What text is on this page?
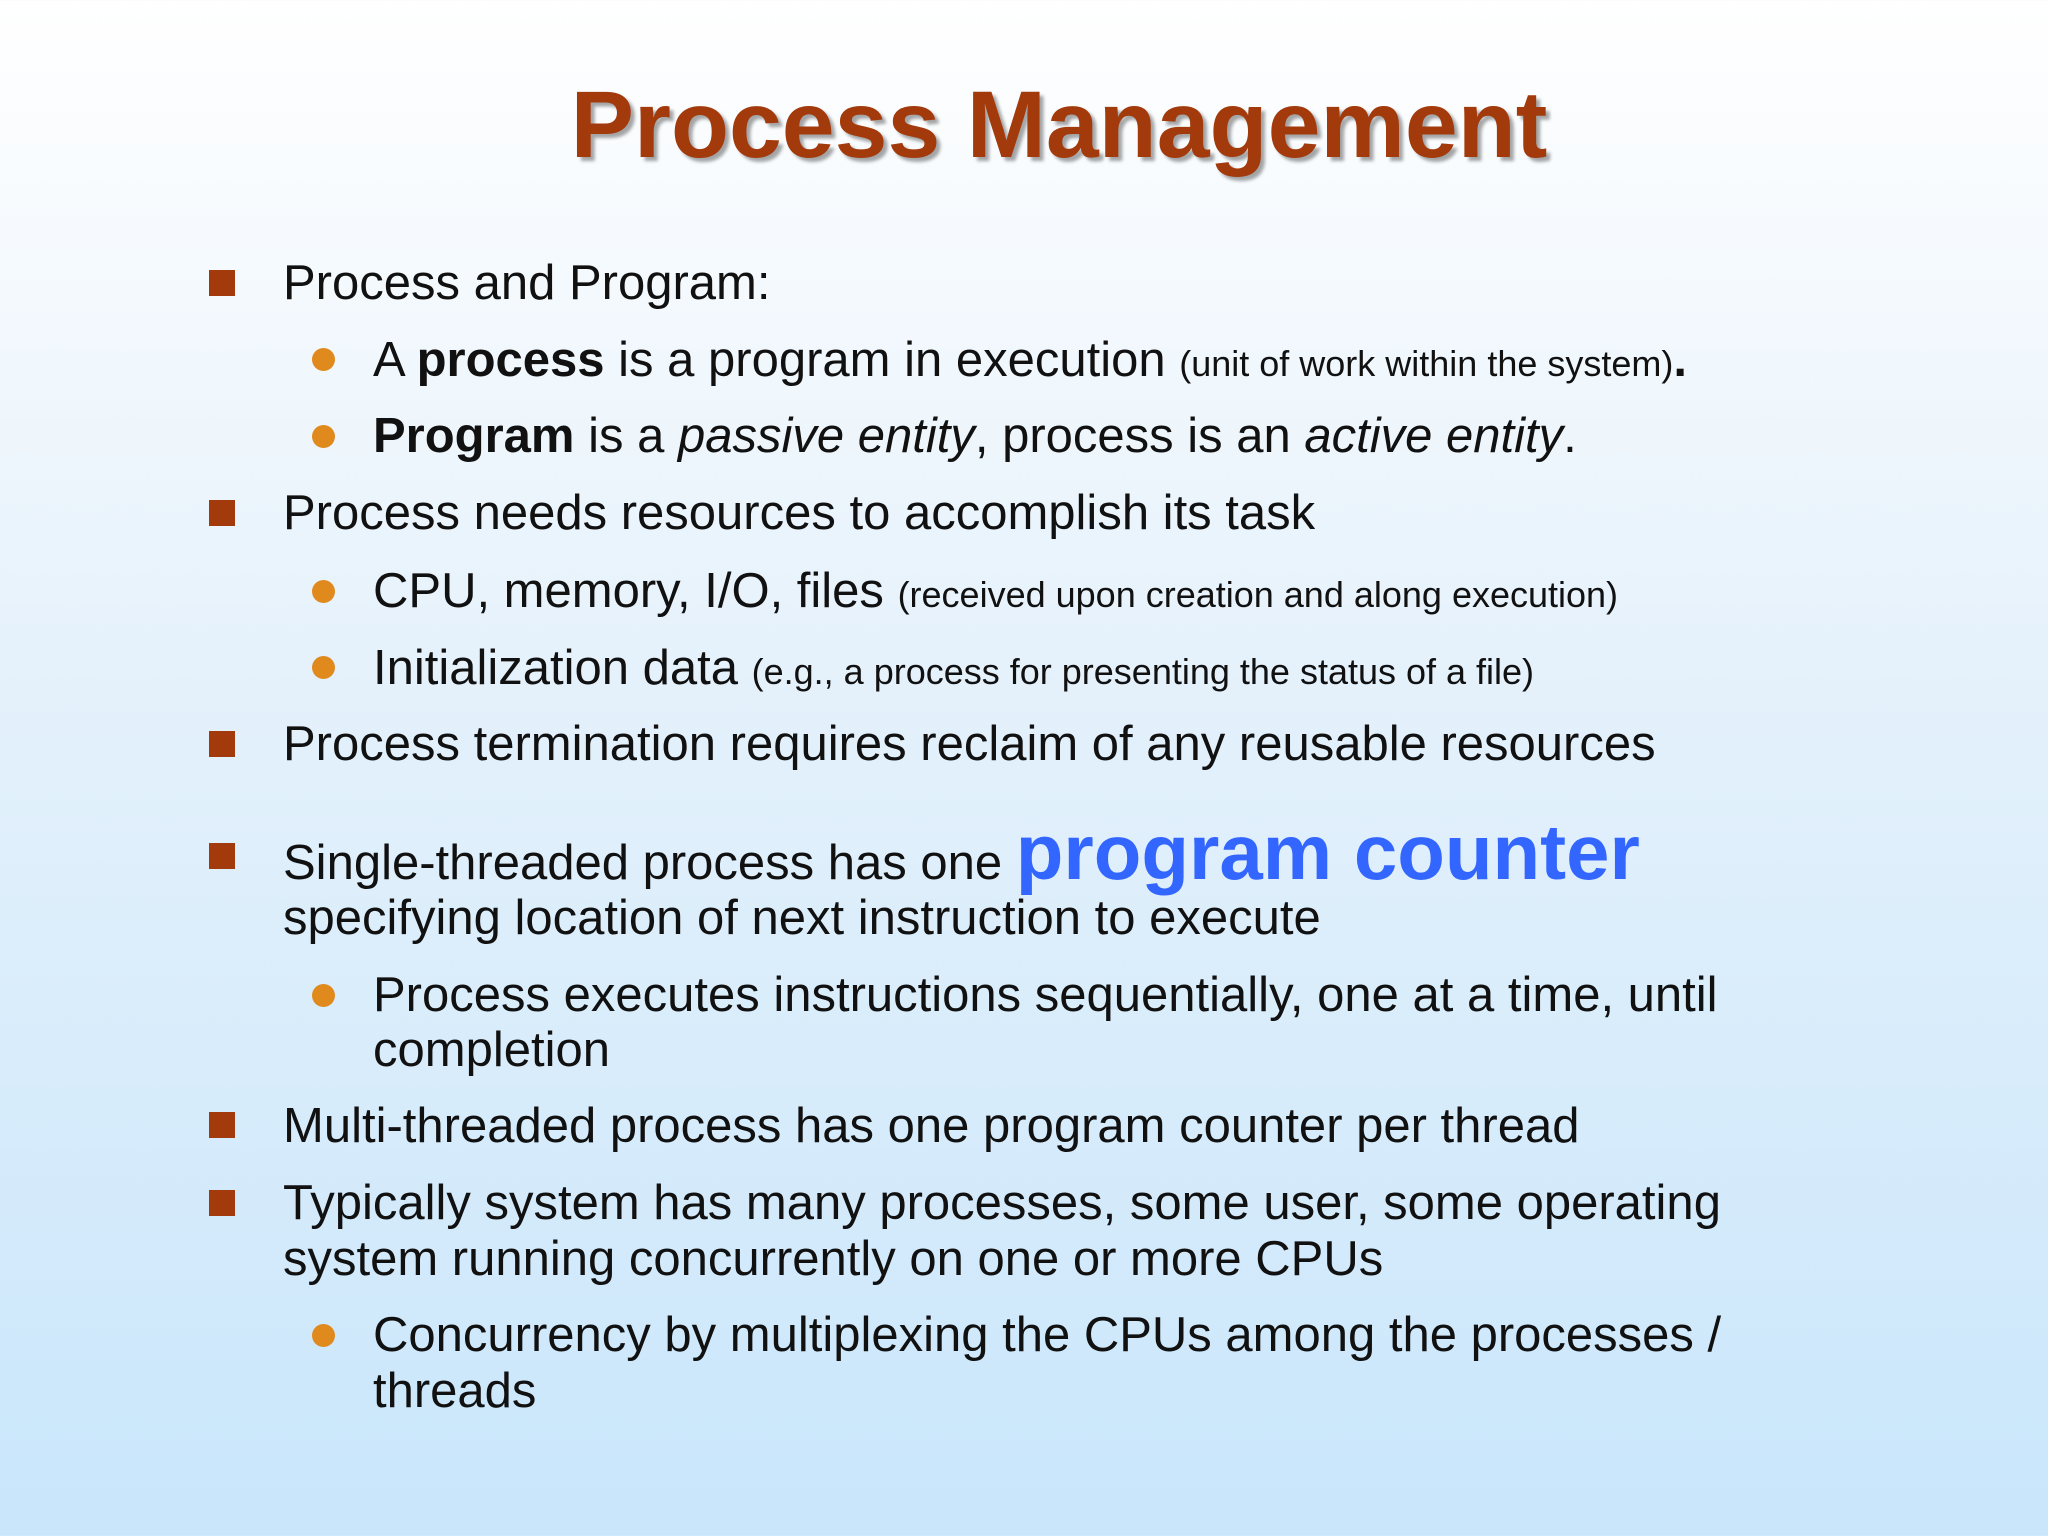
Process Management
Process and Program:
A process is a program in execution (unit of work within the system).
Program is a passive entity, process is an active entity.
Process needs resources to accomplish its task
CPU, memory, I/O, files (received upon creation and along execution)
Initialization data (e.g., a process for presenting the status of a file)
Process termination requires reclaim of any reusable resources
Single-threaded process has one program counter
specifying location of next instruction to execute
Process executes instructions sequentially, one at a time, until
completion
Multi-threaded process has one program counter per thread
Typically system has many processes, some user, some operating
system running concurrently on one or more CPUs
Concurrency by multiplexing the CPUs among the processes /
threads
